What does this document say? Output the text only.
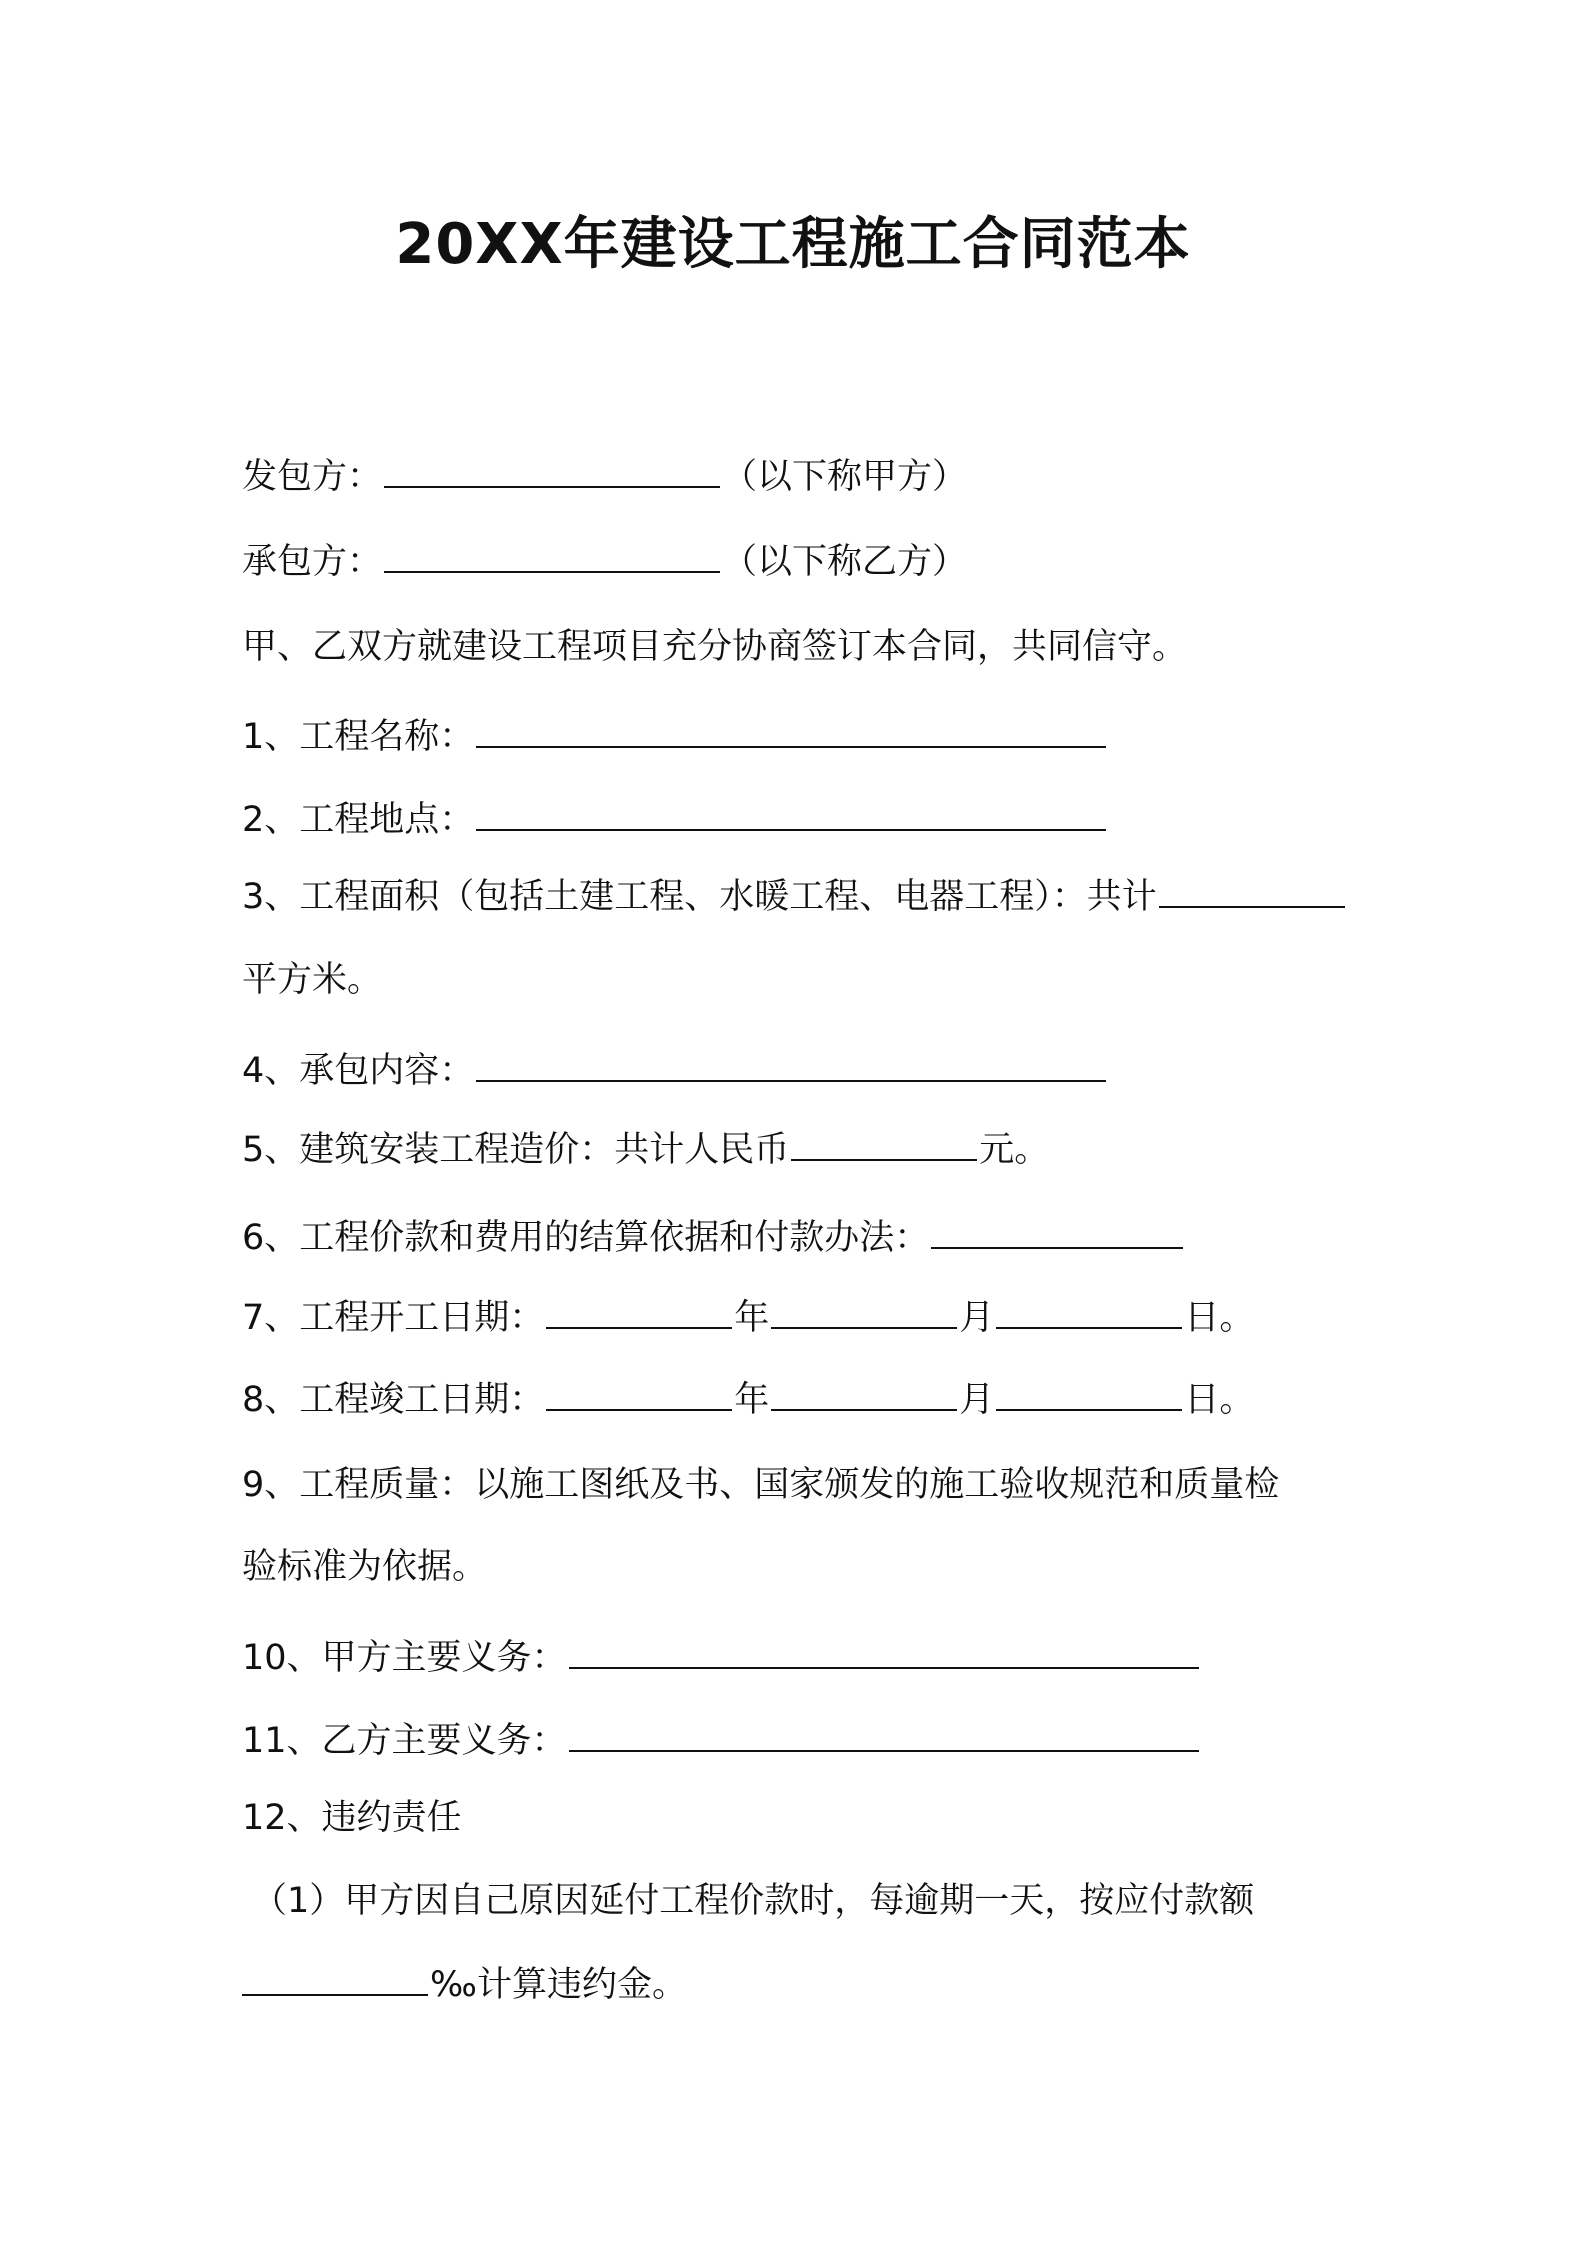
20XX年建设工程施工合同范本
发包方：	（以下称甲方）
承包方：	（以下称乙方）
甲、乙双方就建设工程项目充分协商签订本合同，共同信守。
1、工程名称：
2、工程地点：
3、工程面积（包括土建工程、水暖工程、电器工程）：共计
平方米。
4、承包内容：
5、建筑安装工程造价：共计人民币	元。
6、工程价款和费用的结算依据和付款办法：
7、工程开工日期：	年	月	日。
8、工程竣工日期：	年	月	日。
9、工程质量：以施工图纸及书、国家颁发的施工验收规范和质量检
验标准为依据。
10、甲方主要义务：
11、乙方主要义务：
12、违约责任
（1）甲方因自己原因延付工程价款时，每逾期一天，按应付款额
‰计算违约金。
